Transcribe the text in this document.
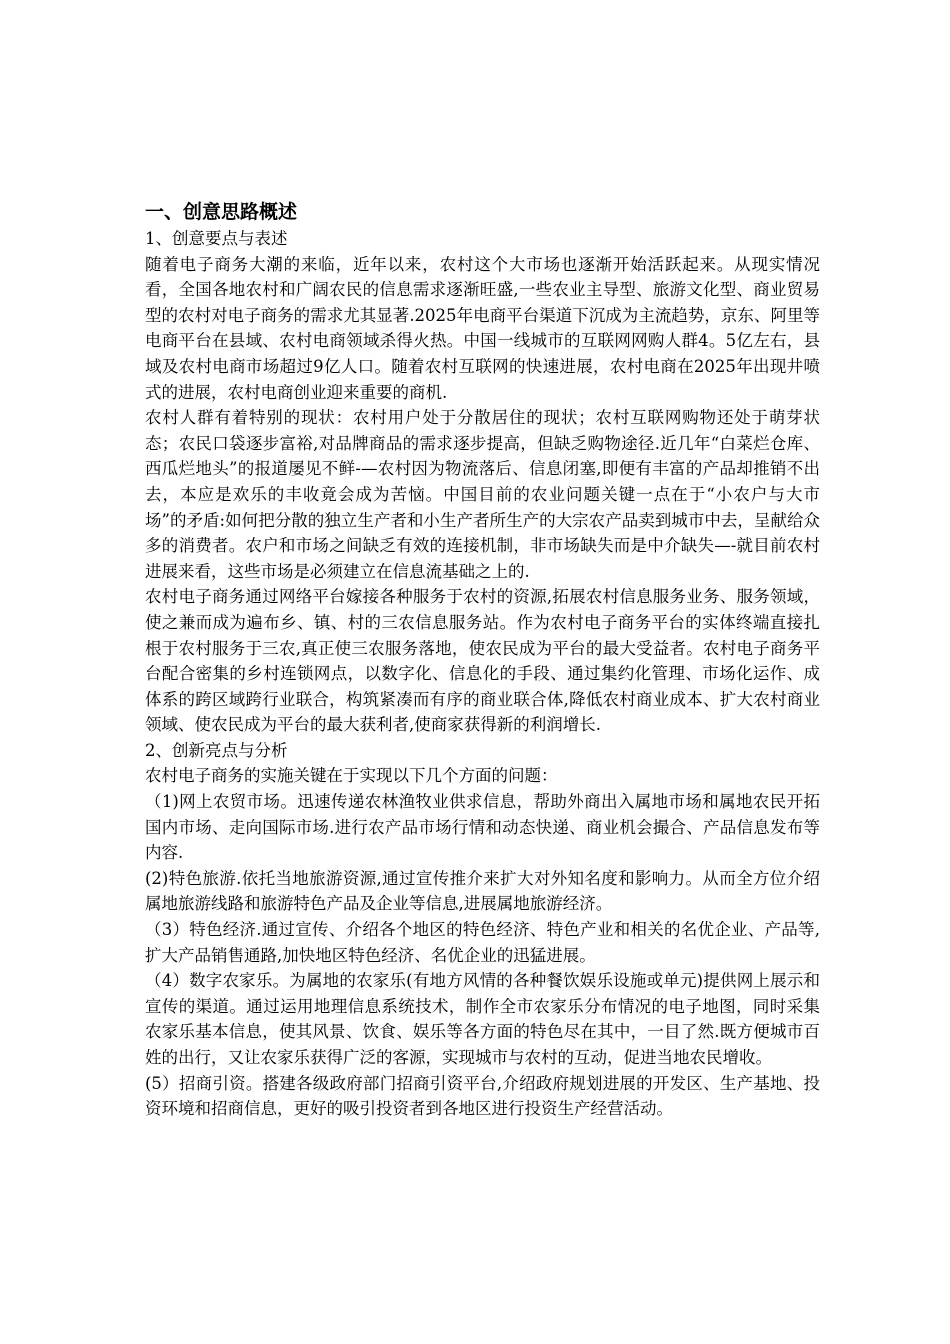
一、创意思路概述

1、创意要点与表述

随着电子商务大潮的来临，近年以来，农村这个大市场也逐渐开始活跃起来。从现实情况看，全国各地农村和广阔农民的信息需求逐渐旺盛,一些农业主导型、旅游文化型、商业贸易型的农村对电子商务的需求尤其显著.2025年电商平台渠道下沉成为主流趋势，京东、阿里等电商平台在县域、农村电商领域杀得火热。中国一线城市的互联网网购人群4。5亿左右，县域及农村电商市场超过9亿人口。随着农村互联网的快速进展，农村电商在2025年出现井喷式的进展，农村电商创业迎来重要的商机.

农村人群有着特别的现状：农村用户处于分散居住的现状；农村互联网购物还处于萌芽状态；农民口袋逐步富裕,对品牌商品的需求逐步提高，但缺乏购物途径.近几年“白菜烂仓库、西瓜烂地头”的报道屡见不鲜-—农村因为物流落后、信息闭塞,即便有丰富的产品却推销不出去，本应是欢乐的丰收竟会成为苦恼。中国目前的农业问题关键一点在于“小农户与大市场”的矛盾:如何把分散的独立生产者和小生产者所生产的大宗农产品卖到城市中去，呈献给众多的消费者。农户和市场之间缺乏有效的连接机制，非市场缺失而是中介缺失—-就目前农村进展来看，这些市场是必须建立在信息流基础之上的.

农村电子商务通过网络平台嫁接各种服务于农村的资源,拓展农村信息服务业务、服务领域，使之兼而成为遍布乡、镇、村的三农信息服务站。作为农村电子商务平台的实体终端直接扎根于农村服务于三农,真正使三农服务落地，使农民成为平台的最大受益者。农村电子商务平台配合密集的乡村连锁网点，以数字化、信息化的手段、通过集约化管理、市场化运作、成体系的跨区域跨行业联合，构筑紧凑而有序的商业联合体,降低农村商业成本、扩大农村商业领域、使农民成为平台的最大获利者,使商家获得新的利润增长.

2、创新亮点与分析

农村电子商务的实施关键在于实现以下几个方面的问题：

（1)网上农贸市场。迅速传递农林渔牧业供求信息，帮助外商出入属地市场和属地农民开拓国内市场、走向国际市场.进行农产品市场行情和动态快递、商业机会撮合、产品信息发布等内容.

(2)特色旅游.依托当地旅游资源,通过宣传推介来扩大对外知名度和影响力。从而全方位介绍属地旅游线路和旅游特色产品及企业等信息,进展属地旅游经济。

（3）特色经济.通过宣传、介绍各个地区的特色经济、特色产业和相关的名优企业、产品等,扩大产品销售通路,加快地区特色经济、名优企业的迅猛进展。

（4）数字农家乐。为属地的农家乐(有地方风情的各种餐饮娱乐设施或单元)提供网上展示和宣传的渠道。通过运用地理信息系统技术，制作全市农家乐分布情况的电子地图，同时采集农家乐基本信息，使其风景、饮食、娱乐等各方面的特色尽在其中，一目了然.既方便城市百姓的出行，又让农家乐获得广泛的客源，实现城市与农村的互动，促进当地农民增收。

(5）招商引资。搭建各级政府部门招商引资平台,介绍政府规划进展的开发区、生产基地、投资环境和招商信息，更好的吸引投资者到各地区进行投资生产经营活动。
